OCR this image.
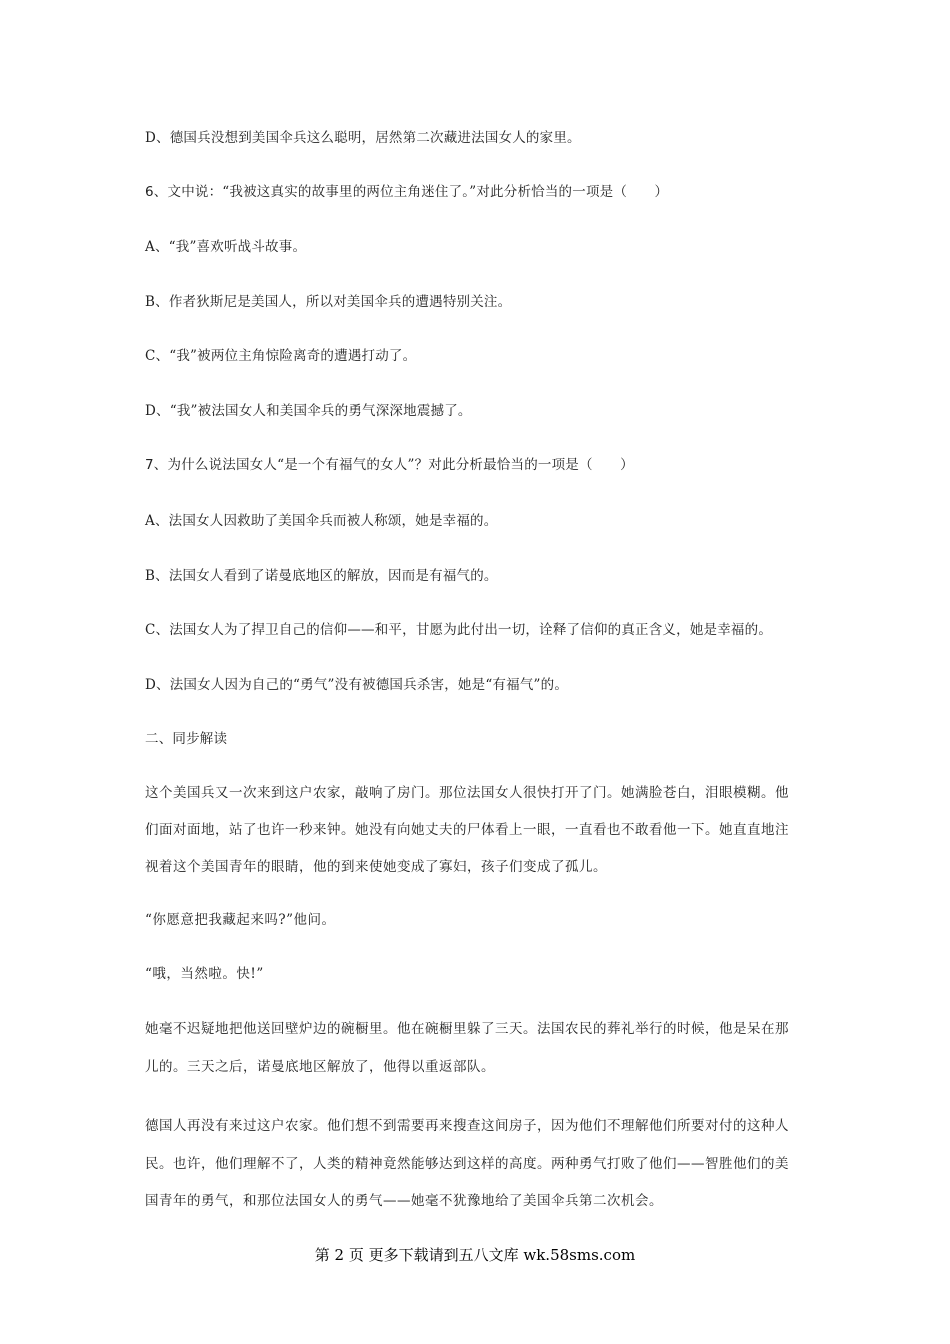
D、德国兵没想到美国伞兵这么聪明，居然第二次藏进法国女人的家里。
6、文中说：“我被这真实的故事里的两位主角迷住了。”对此分析恰当的一项是（　　）
A、“我”喜欢听战斗故事。
B、作者狄斯尼是美国人，所以对美国伞兵的遭遇特别关注。
C、“我”被两位主角惊险离奇的遭遇打动了。
D、“我”被法国女人和美国伞兵的勇气深深地震撼了。
7、为什么说法国女人“是一个有福气的女人”？对此分析最恰当的一项是（　　）
A、法国女人因救助了美国伞兵而被人称颂，她是幸福的。
B、法国女人看到了诺曼底地区的解放，因而是有福气的。
C、法国女人为了捍卫自己的信仰——和平，甘愿为此付出一切，诠释了信仰的真正含义，她是幸福的。
D、法国女人因为自己的“勇气”没有被德国兵杀害，她是“有福气”的。
二、同步解读
这个美国兵又一次来到这户农家，敲响了房门。那位法国女人很快打开了门。她满脸苍白，泪眼模糊。他
们面对面地，站了也许一秒来钟。她没有向她丈夫的尸体看上一眼，一直看也不敢看他一下。她直直地注
视着这个美国青年的眼睛，他的到来使她变成了寡妇，孩子们变成了孤儿。
“你愿意把我藏起来吗?”他问。
“哦，当然啦。快!”
她毫不迟疑地把他送回壁炉边的碗橱里。他在碗橱里躲了三天。法国农民的葬礼举行的时候，他是呆在那
儿的。三天之后，诺曼底地区解放了，他得以重返部队。
德国人再没有来过这户农家。他们想不到需要再来搜查这间房子，因为他们不理解他们所要对付的这种人
民。也许，他们理解不了，人类的精神竟然能够达到这样的高度。两种勇气打败了他们——智胜他们的美
国青年的勇气，和那位法国女人的勇气——她毫不犹豫地给了美国伞兵第二次机会。
第 2 页 更多下载请到五八文库 wk.58sms.com
